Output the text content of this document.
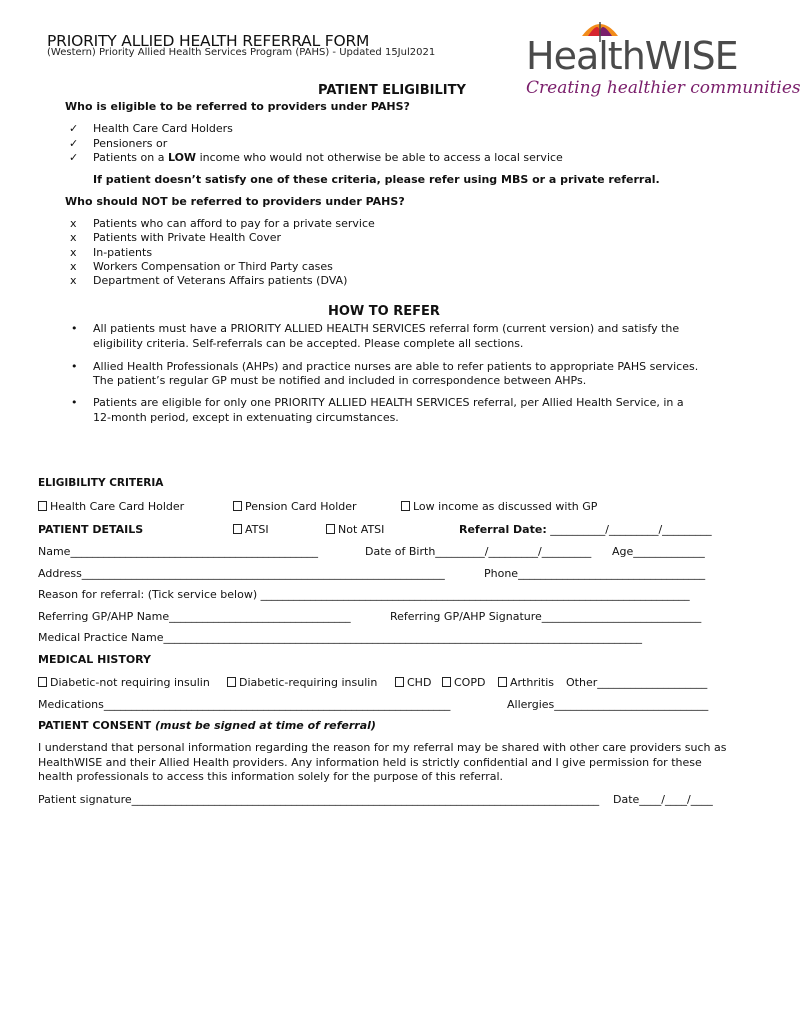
PRIORITY ALLIED HEALTH REFERRAL FORM
(Western) Priority Allied Health Services Program (PAHS) - Updated 15Jul2021 HealthWISE
Creating healthier communities
PATIENT ELIGIBILITY
Who is eligible to be referred to providers under PAHS?
✓ Health Care Card Holders
✓ Pensioners or
✓ Patients on a LOW income who would not otherwise be able to access a local service
If patient doesn’t satisfy one of these criteria, please refer using MBS or a private referral.
Who should NOT be referred to providers under PAHS?
x Patients who can afford to pay for a private service
x Patients with Private Health Cover
x In-patients
x Workers Compensation or Third Party cases
x Department of Veterans Affairs patients (DVA)
HOW TO REFER
• All patients must have a PRIORITY ALLIED HEALTH SERVICES referral form (current version) and satisfy the
eligibility criteria. Self-referrals can be accepted. Please complete all sections.
• Allied Health Professionals (AHPs) and practice nurses are able to refer patients to appropriate PAHS services.
The patient’s regular GP must be notified and included in correspondence between AHPs.
• Patients are eligible for only one PRIORITY ALLIED HEALTH SERVICES referral, per Allied Health Service, in a
12-month period, except in extenuating circumstances.
ELIGIBILITY CRITERIA
Health Care Card Holder	Pension Card Holder	Low income as discussed with GP
PATIENT DETAILS	ATSI	Not ATSI	Referral Date: __________/_________/_________
Name_____________________________________________	Date of Birth_________/_________/_________	Age_____________
Address__________________________________________________________________	Phone__________________________________
Reason for referral: (Tick service below) ______________________________________________________________________________
Referring GP/AHP Name_________________________________	Referring GP/AHP Signature_____________________________
Medical Practice Name_______________________________________________________________________________________
MEDICAL HISTORY
Diabetic-not requiring insulin	Diabetic-requiring insulin	CHD	COPD	Arthritis Other____________________
Medications_______________________________________________________________	Allergies____________________________
PATIENT CONSENT (must be signed at time of referral)
I understand that personal information regarding the reason for my referral may be shared with other care providers such as HealthWISE and their Allied Health providers. Any information held is strictly confidential and I give permission for these health professionals to access this information solely for the purpose of this referral.
Patient signature_____________________________________________________________________________________ Date____/____/____
